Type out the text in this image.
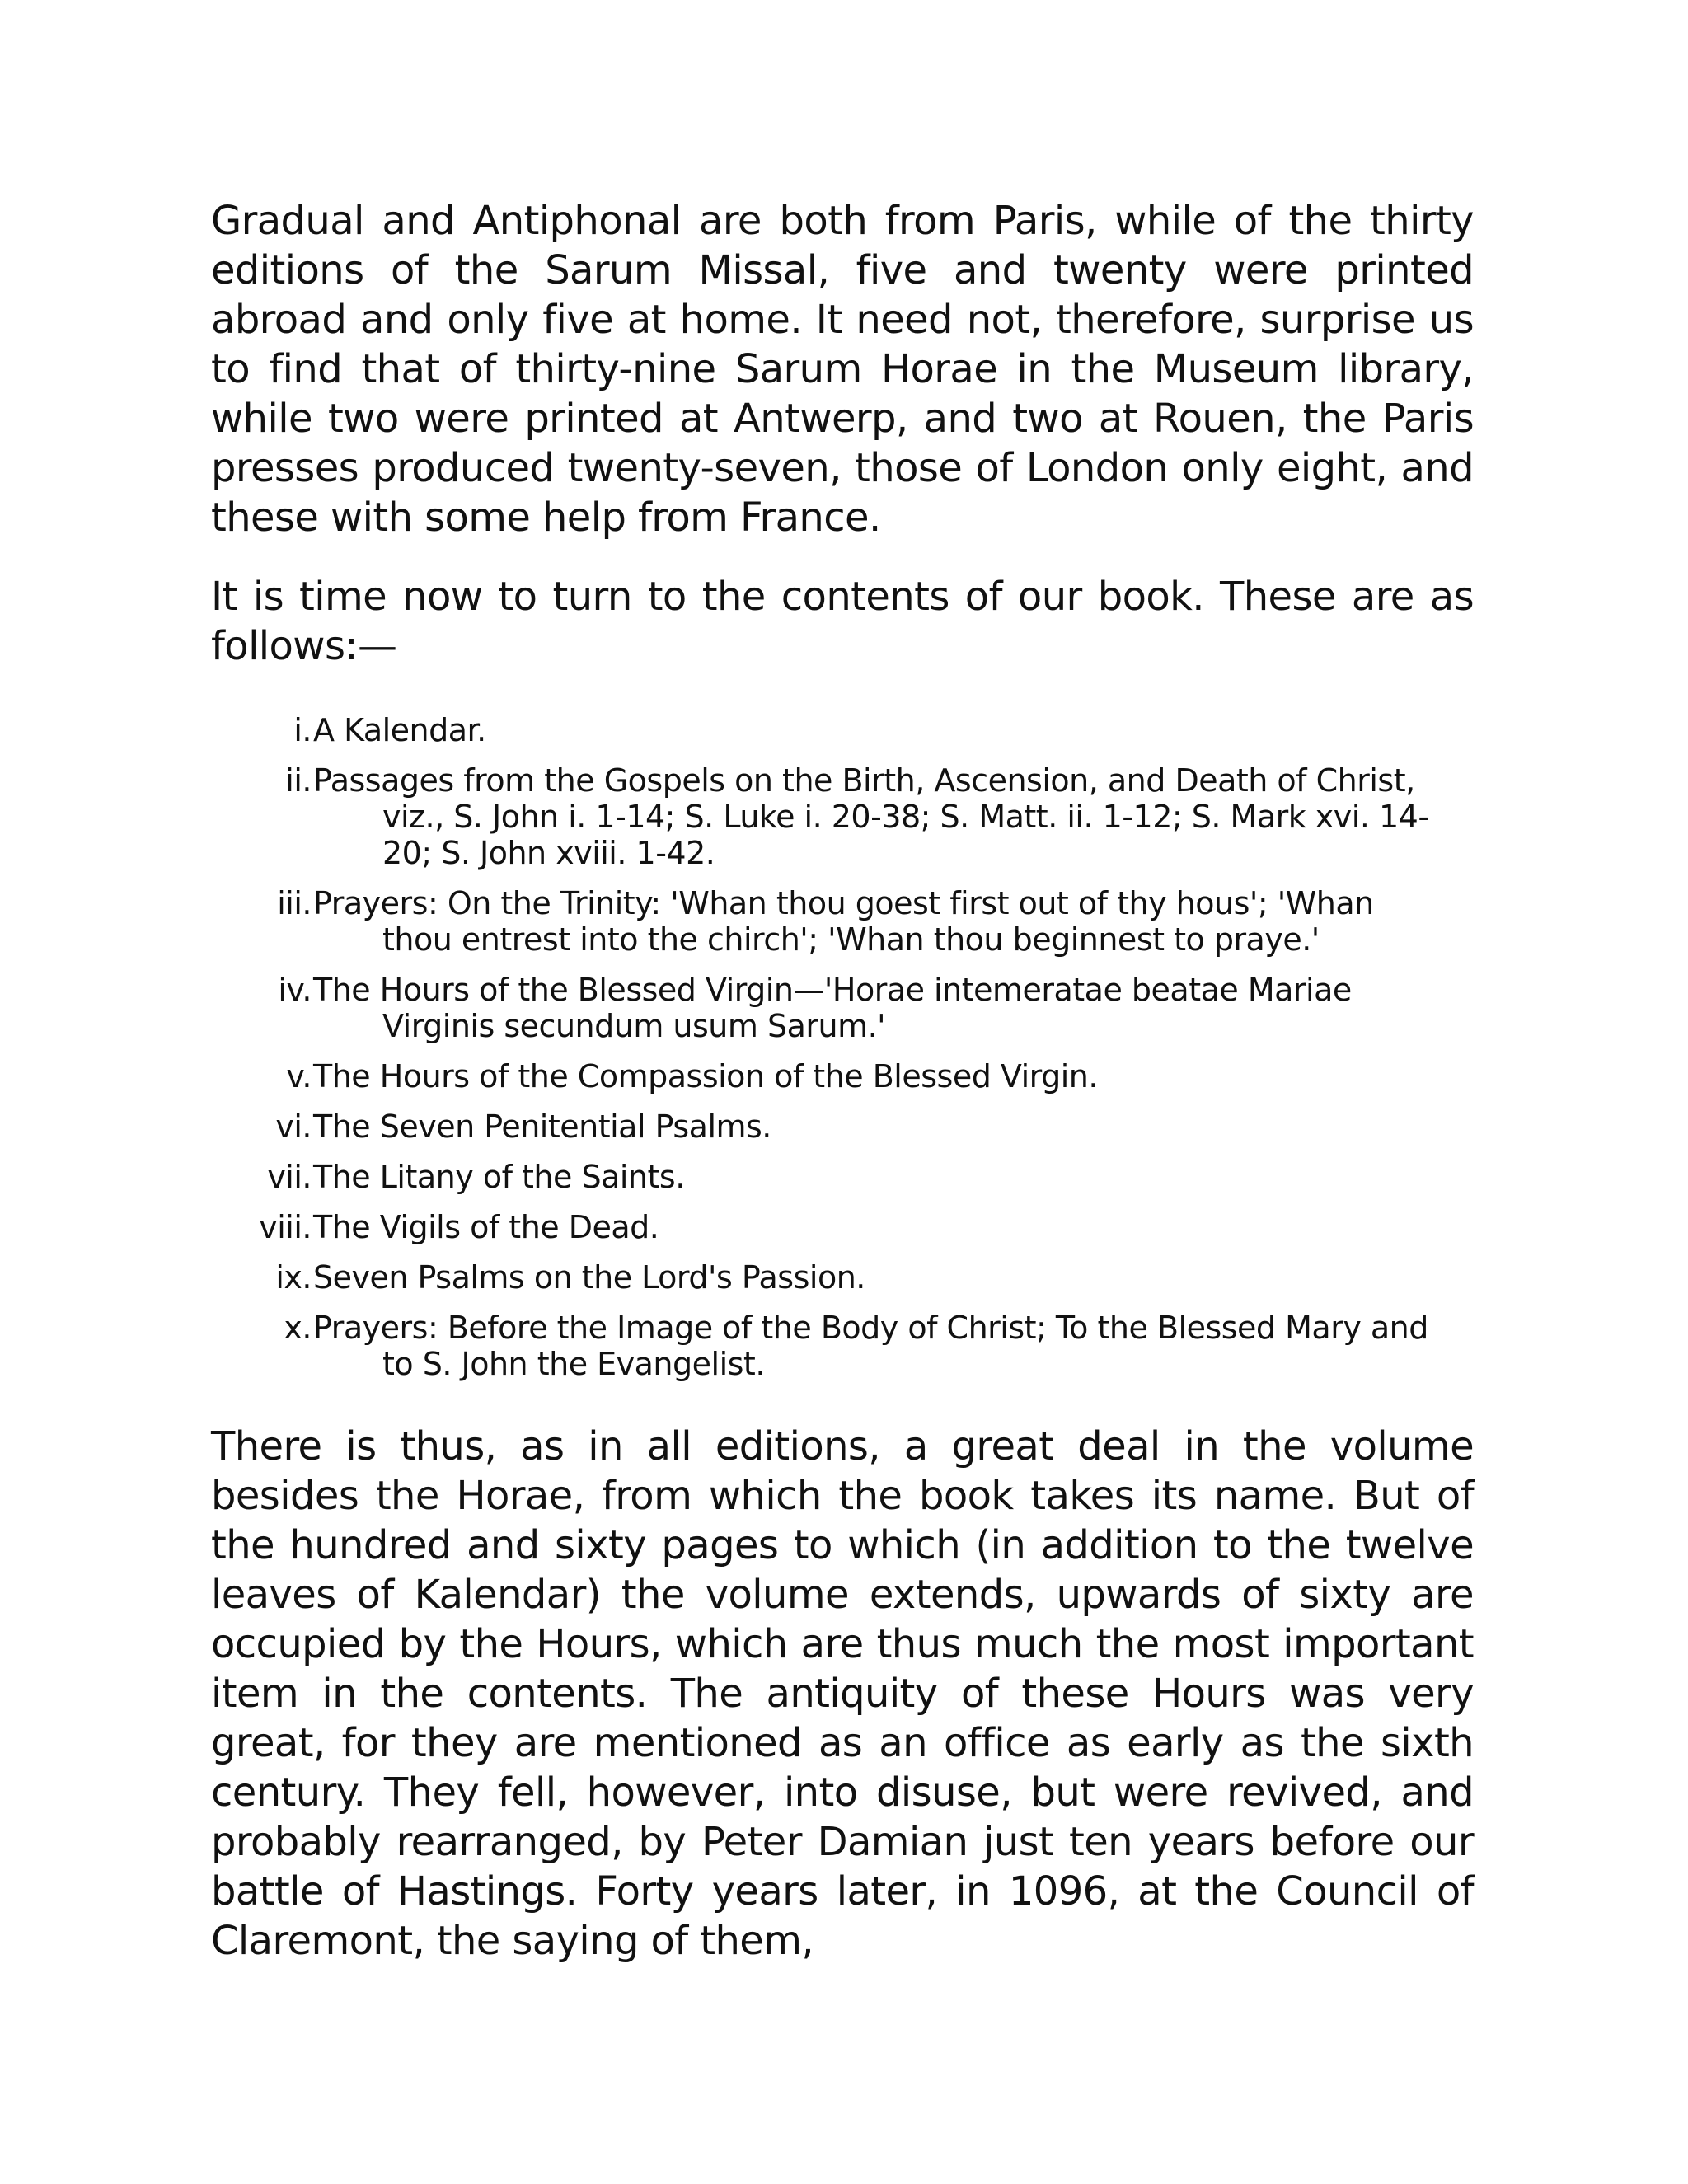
Gradual and Antiphonal are both from Paris, while of the thirty editions of the Sarum Missal, five and twenty were printed abroad and only five at home. It need not, therefore, surprise us to find that of thirty-nine Sarum Horae in the Museum library, while two were printed at Antwerp, and two at Rouen, the Paris presses produced twenty-seven, those of London only eight, and these with some help from France.

It is time now to turn to the contents of our book. These are as follows:—

i. A Kalendar.
ii. Passages from the Gospels on the Birth, Ascension, and Death of Christ, viz., S. John i. 1-14; S. Luke i. 20-38; S. Matt. ii. 1-12; S. Mark xvi. 14-20; S. John xviii. 1-42.
iii. Prayers: On the Trinity: 'Whan thou goest first out of thy hous'; 'Whan thou entrest into the chirch'; 'Whan thou beginnest to praye.'
iv. The Hours of the Blessed Virgin—'Horae intemeratae beatae Mariae Virginis secundum usum Sarum.'
v. The Hours of the Compassion of the Blessed Virgin.
vi. The Seven Penitential Psalms.
vii. The Litany of the Saints.
viii. The Vigils of the Dead.
ix. Seven Psalms on the Lord's Passion.
x. Prayers: Before the Image of the Body of Christ; To the Blessed Mary and to S. John the Evangelist.

There is thus, as in all editions, a great deal in the volume besides the Horae, from which the book takes its name. But of the hundred and sixty pages to which (in addition to the twelve leaves of Kalendar) the volume extends, upwards of sixty are occupied by the Hours, which are thus much the most important item in the contents. The antiquity of these Hours was very great, for they are mentioned as an office as early as the sixth century. They fell, however, into disuse, but were revived, and probably rearranged, by Peter Damian just ten years before our battle of Hastings. Forty years later, in 1096, at the Council of Claremont, the saying of them,
